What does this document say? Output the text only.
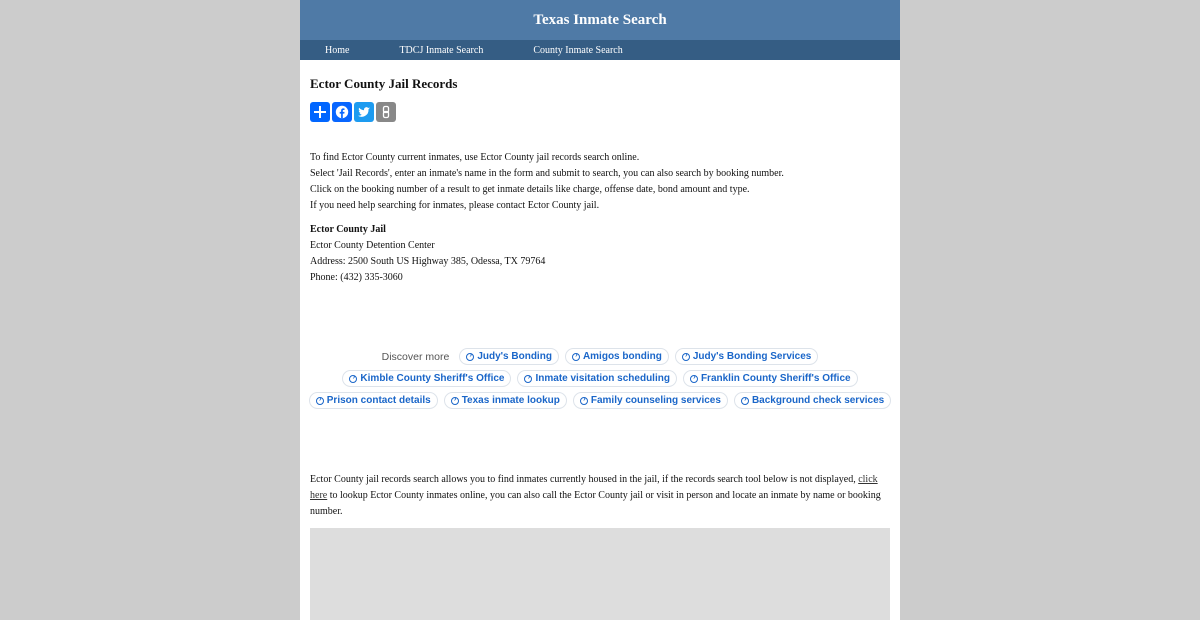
Texas Inmate Search
Home	TDCJ Inmate Search	County Inmate Search
Ector County Jail Records

To find Ector County current inmates, use Ector County jail records search online.
Select 'Jail Records', enter an inmate's name in the form and submit to search, you can also search by booking number.
Click on the booking number of a result to get inmate details like charge, offense date, bond amount and type.
If you need help searching for inmates, please contact Ector County jail.

Ector County Jail
Ector County Detention Center
Address: 2500 South US Highway 385, Odessa, TX 79764
Phone: (432) 335-3060
Discover more ›	Judy's Bonding ›	Amigos bonding ›	Judy's Bonding Services
›
Kimble County Sheriff's Office ›	Inmate visitation scheduling ›	Franklin County Sheriff's Office
›
Prison contact details ›	Texas inmate lookup ›	Family counseling services ›	Background check services

Ector County jail records search allows you to find inmates currently housed in the jail, if the records search tool below is not displayed, click here to lookup Ector County inmates online, you can also call the Ector County jail or visit in person and locate an inmate by name or booking number.
